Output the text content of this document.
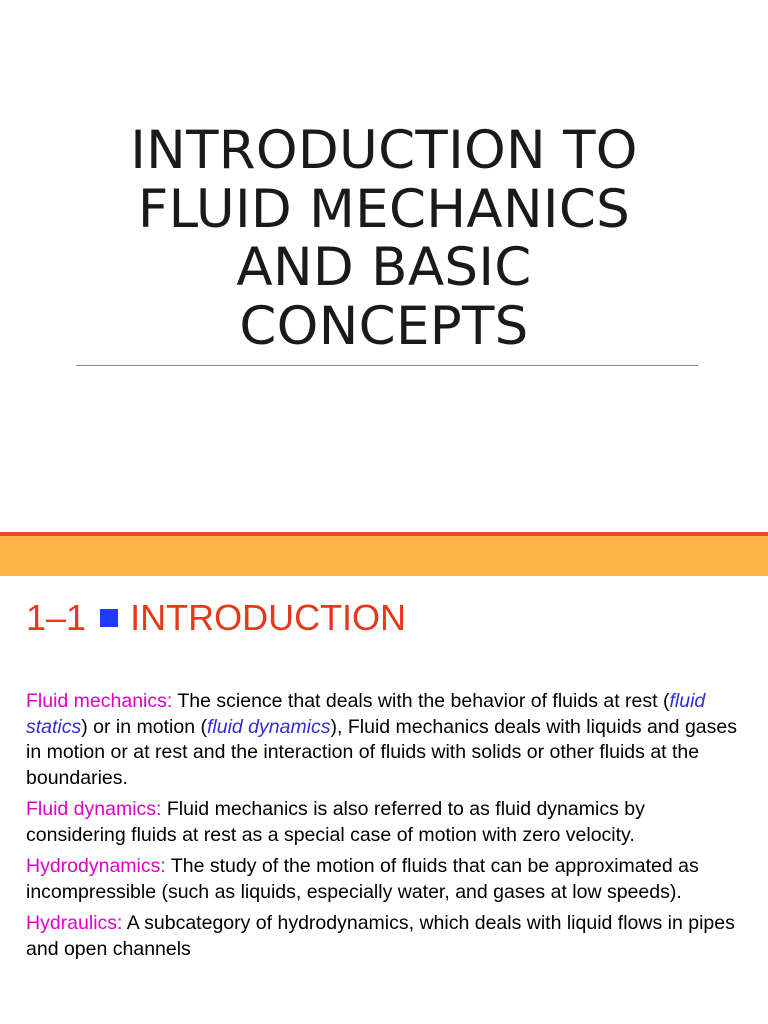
INTRODUCTION TO
FLUID MECHANICS
AND BASIC
CONCEPTS
1–1 INTRODUCTION

Fluid mechanics: The science that deals with the behavior of fluids at rest (fluid statics) or in motion (fluid dynamics), Fluid mechanics deals with liquids and gases in motion or at rest and the interaction of fluids with solids or other fluids at the boundaries.

Fluid dynamics: Fluid mechanics is also referred to as fluid dynamics by considering fluids at rest as a special case of motion with zero velocity.

Hydrodynamics: The study of the motion of fluids that can be approximated as incompressible (such as liquids, especially water, and gases at low speeds).

Hydraulics: A subcategory of hydrodynamics, which deals with liquid flows in pipes and open channels
